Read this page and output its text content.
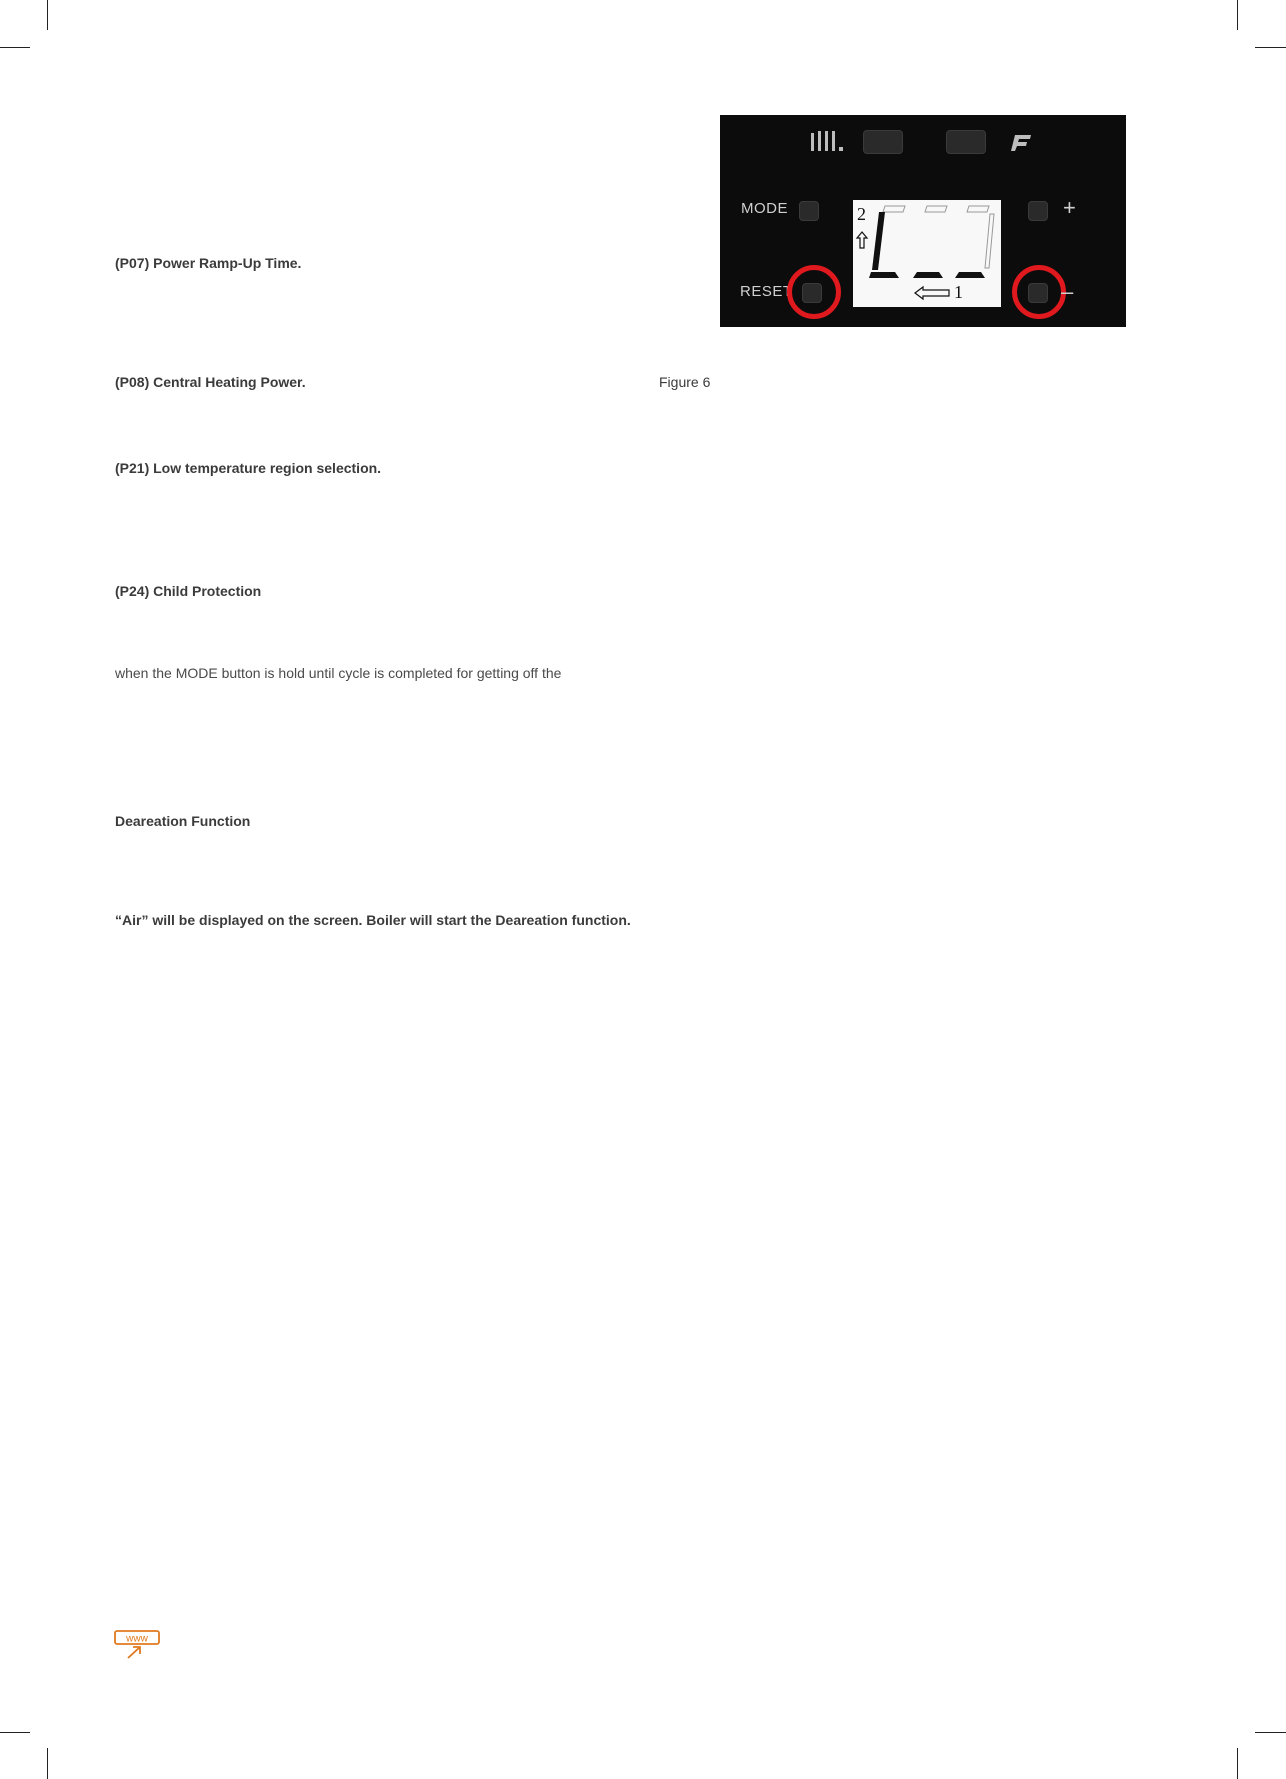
(P07) Power Ramp-Up Time.

(P08) Central Heating Power.

(P21) Low temperature region selection.

(P24) Child Protection

when the MODE button is hold until cycle is completed for getting off the

Deareation Function

“Air” will be displayed on the screen. Boiler will start the Deareation function.

MODE	+
RESET	–
2
1
Figure 6
www
